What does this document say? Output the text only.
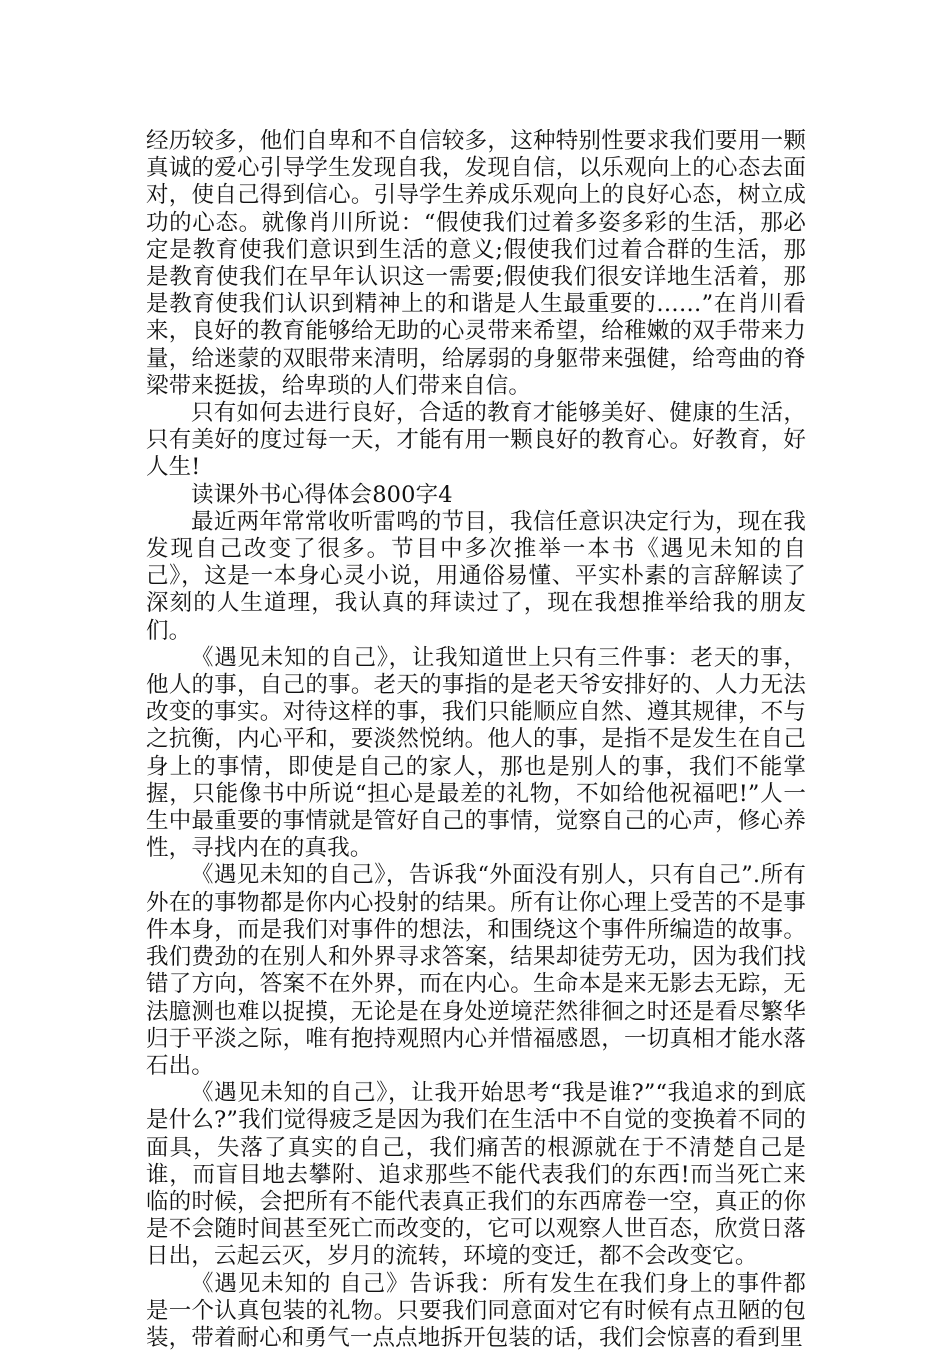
经历较多，他们自卑和不自信较多，这种特别性要求我们要用一颗真诚的爱心引导学生发现自我，发现自信，以乐观向上的心态去面对，使自己得到信心。引导学生养成乐观向上的良好心态，树立成功的心态。就像肖川所说：“假使我们过着多姿多彩的生活，那必定是教育使我们意识到生活的意义;假使我们过着合群的生活，那是教育使我们在早年认识这一需要;假使我们很安详地生活着，那是教育使我们认识到精神上的和谐是人生最重要的……”在肖川看来，良好的教育能够给无助的心灵带来希望，给稚嫩的双手带来力量，给迷蒙的双眼带来清明，给孱弱的身躯带来强健，给弯曲的脊梁带来挺拔，给卑琐的人们带来自信。

只有如何去进行良好，合适的教育才能够美好、健康的生活，只有美好的度过每一天，才能有用一颗良好的教育心。好教育，好人生!

读课外书心得体会800字4

最近两年常常收听雷鸣的节目，我信任意识决定行为，现在我发现自己改变了很多。节目中多次推举一本书《遇见未知的自己》，这是一本身心灵小说，用通俗易懂、平实朴素的言辞解读了深刻的人生道理，我认真的拜读过了，现在我想推举给我的朋友们。

《遇见未知的自己》，让我知道世上只有三件事：老天的事，他人的事，自己的事。老天的事指的是老天爷安排好的、人力无法改变的事实。对待这样的事，我们只能顺应自然、遵其规律，不与之抗衡，内心平和，要淡然悦纳。他人的事，是指不是发生在自己身上的事情，即使是自己的家人，那也是别人的事，我们不能掌握，只能像书中所说“担心是最差的礼物，不如给他祝福吧!”人一生中最重要的事情就是管好自己的事情，觉察自己的心声，修心养性，寻找内在的真我。

《遇见未知的自己》，告诉我“外面没有别人，只有自己”.所有外在的事物都是你内心投射的结果。所有让你心理上受苦的不是事件本身，而是我们对事件的想法，和围绕这个事件所编造的故事。我们费劲的在别人和外界寻求答案，结果却徒劳无功，因为我们找错了方向，答案不在外界，而在内心。生命本是来无影去无踪，无法臆测也难以捉摸，无论是在身处逆境茫然徘徊之时还是看尽繁华归于平淡之际，唯有抱持观照内心并惜福感恩，一切真相才能水落石出。

《遇见未知的自己》，让我开始思考“我是谁?”“我追求的到底是什么?”我们觉得疲乏是因为我们在生活中不自觉的变换着不同的面具，失落了真实的自己，我们痛苦的根源就在于不清楚自己是谁，而盲目地去攀附、追求那些不能代表我们的东西!而当死亡来临的时候，会把所有不能代表真正我们的东西席卷一空，真正的你是不会随时间甚至死亡而改变的，它可以观察人世百态，欣赏日落日出，云起云灭，岁月的流转，环境的变迁，都不会改变它。

《遇见未知的 自己》告诉我：所有发生在我们身上的事件都是一个认真包装的礼物。只要我们同意面对它有时候有点丑陋的包装，带着耐心和勇气一点点地拆开包装的话，我们会惊喜的看到里
